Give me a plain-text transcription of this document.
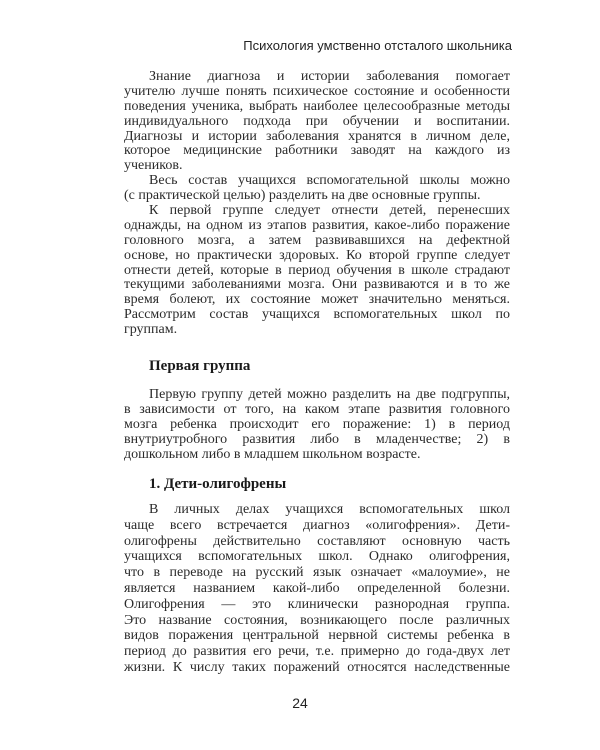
Психология умственно отсталого школьника
Знание диагноза и истории заболевания помогает
учителю лучше понять психическое состояние и особенности
поведения ученика, выбрать наиболее целесообразные методы
индивидуального подхода при обучении и воспитании.
Диагнозы и истории заболевания хранятся в личном деле,
которое медицинские работники заводят на каждого из
учеников.
Весь состав учащихся вспомогательной школы можно
(с практической целью) разделить на две основные группы.
К первой группе следует отнести детей, перенесших
однажды, на одном из этапов развития, какое-либо поражение
головного мозга, а затем развивавшихся на дефектной
основе, но практически здоровых. Ко второй группе следует
отнести детей, которые в период обучения в школе страдают
текущими заболеваниями мозга. Они развиваются и в то же
время болеют, их состояние может значительно меняться.
Рассмотрим состав учащихся вспомогательных школ по
группам.
Первая группа
Первую группу детей можно разделить на две подгруппы,
в зависимости от того, на каком этапе развития головного
мозга ребенка происходит его поражение: 1) в период
внутриутробного развития либо в младенчестве; 2) в
дошкольном либо в младшем школьном возрасте.
1. Дети-олигофрены
В личных делах учащихся вспомогательных школ
чаще всего встречается диагноз «олигофрения». Дети-
олигофрены действительно составляют основную часть
учащихся вспомогательных школ. Однако олигофрения,
что в переводе на русский язык означает «малоумие», не
является названием какой-либо определенной болезни.
Олигофрения — это клинически разнородная группа.
Это название состояния, возникающего после различных
видов поражения центральной нервной системы ребенка в
период до развития его речи, т.е. примерно до года-двух лет
жизни. К числу таких поражений относятся наследственные
24
